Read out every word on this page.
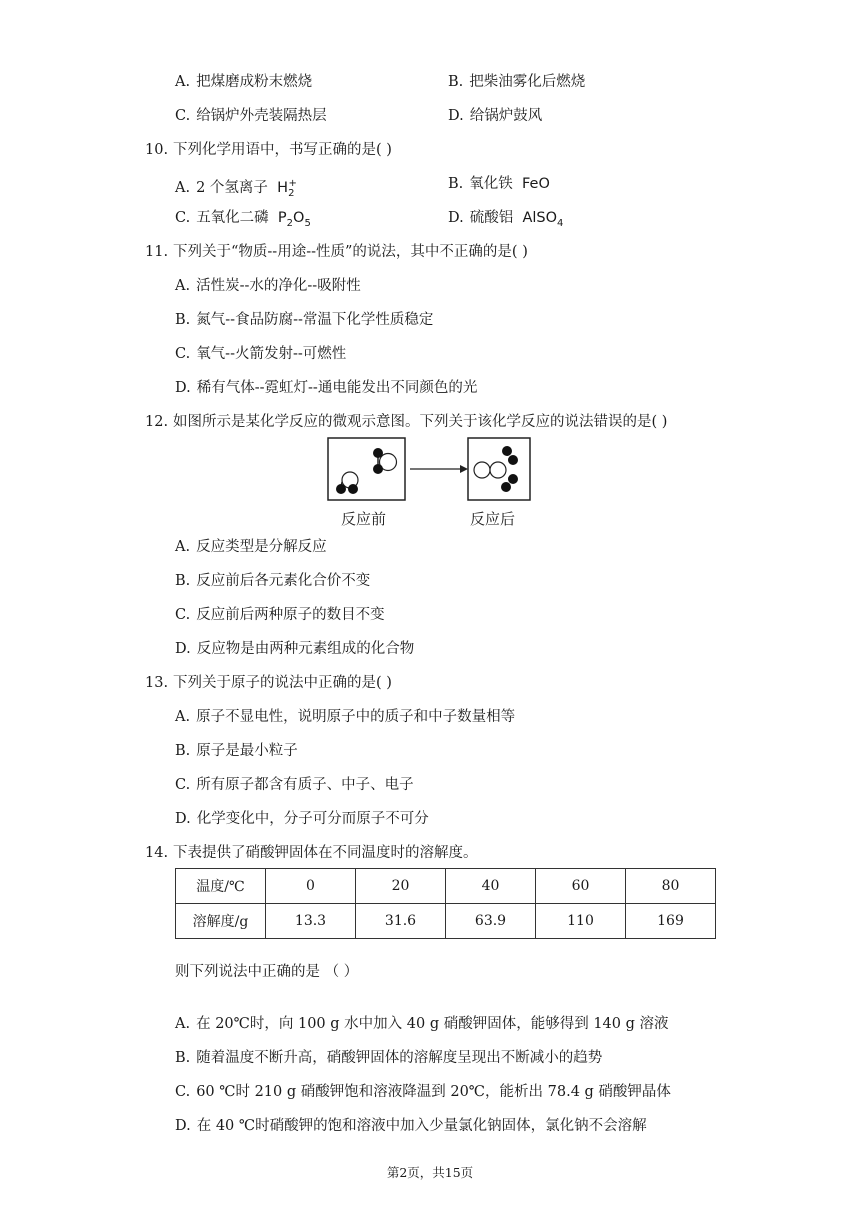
A. 把煤磨成粉末燃烧	B. 把柴油雾化后燃烧
C. 给锅炉外壳装隔热层	D. 给锅炉鼓风
10. 下列化学用语中，书写正确的是( )
A. 2 个氢离子 $H_2^+$	B. 氧化铁 FeO
C. 五氧化二磷 $P_2O_5$	D. 硫酸铝 AlSO$_4$
11. 下列关于“物质--用途--性质”的说法，其中不正确的是( )
A. 活性炭--水的净化--吸附性
B. 氮气--食品防腐--常温下化学性质稳定
C. 氧气--火箭发射--可燃性
D. 稀有气体--霓虹灯--通电能发出不同颜色的光
12. 如图所示是某化学反应的微观示意图。下列关于该化学反应的说法错误的是( )
反应前	反应后
A. 反应类型是分解反应
B. 反应前后各元素化合价不变
C. 反应前后两种原子的数目不变
D. 反应物是由两种元素组成的化合物
13. 下列关于原子的说法中正确的是( )
A. 原子不显电性，说明原子中的质子和中子数量相等
B. 原子是最小粒子
C. 所有原子都含有质子、中子、电子
D. 化学变化中，分子可分而原子不可分
14. 下表提供了硝酸钾固体在不同温度时的溶解度。
温度/℃	0	20	40	60	80
溶解度/g	13.3	31.6	63.9	110	169
则下列说法中正确的是 （ ）
A. 在 20℃时，向 100 g 水中加入 40 g 硝酸钾固体，能够得到 140 g 溶液
B. 随着温度不断升高，硝酸钾固体的溶解度呈现出不断减小的趋势
C. 60 ℃时 210 g 硝酸钾饱和溶液降温到 20℃，能析出 78.4 g 硝酸钾晶体
D. 在 40 ℃时硝酸钾的饱和溶液中加入少量氯化钠固体，氯化钠不会溶解
第2页，共15页
